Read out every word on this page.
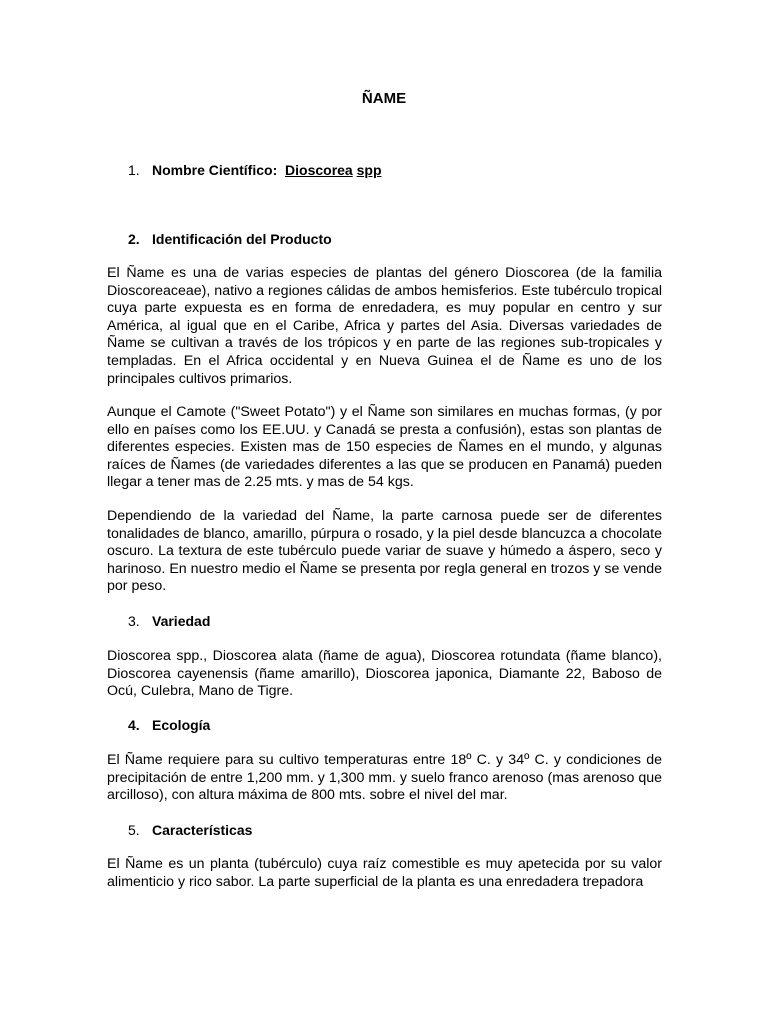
ÑAME
1. Nombre Científico: Dioscorea spp
2. Identificación del Producto

El Ñame es una de varias especies de plantas del género Dioscorea (de la familia Dioscoreaceae), nativo a regiones cálidas de ambos hemisferios. Este tubérculo tropical cuya parte expuesta es en forma de enredadera, es muy popular en centro y sur América, al igual que en el Caribe, Africa y partes del Asia. Diversas variedades de Ñame se cultivan a través de los trópicos y en parte de las regiones sub-tropicales y templadas. En el Africa occidental y en Nueva Guinea el de Ñame es uno de los principales cultivos primarios.

Aunque el Camote ("Sweet Potato") y el Ñame son similares en muchas formas, (y por ello en países como los EE.UU. y Canadá se presta a confusión), estas son plantas de diferentes especies. Existen mas de 150 especies de Ñames en el mundo, y algunas raíces de Ñames (de variedades diferentes a las que se producen en Panamá) pueden llegar a tener mas de 2.25 mts. y mas de 54 kgs.

Dependiendo de la variedad del Ñame, la parte carnosa puede ser de diferentes tonalidades de blanco, amarillo, púrpura o rosado, y la piel desde blancuzca a chocolate oscuro. La textura de este tubérculo puede variar de suave y húmedo a áspero, seco y harinoso. En nuestro medio el Ñame se presenta por regla general en trozos y se vende por peso.

3. Variedad

Dioscorea spp., Dioscorea alata (ñame de agua), Dioscorea rotundata (ñame blanco), Dioscorea cayenensis (ñame amarillo), Dioscorea japonica, Diamante 22, Baboso de Ocú, Culebra, Mano de Tigre.

4. Ecología

El Ñame requiere para su cultivo temperaturas entre 18º C. y 34º C. y condiciones de precipitación de entre 1,200 mm. y 1,300 mm. y suelo franco arenoso (mas arenoso que arcilloso), con altura máxima de 800 mts. sobre el nivel del mar.

5. Características

El Ñame es un planta (tubérculo) cuya raíz comestible es muy apetecida por su valor alimenticio y rico sabor. La parte superficial de la planta es una enredadera trepadora
